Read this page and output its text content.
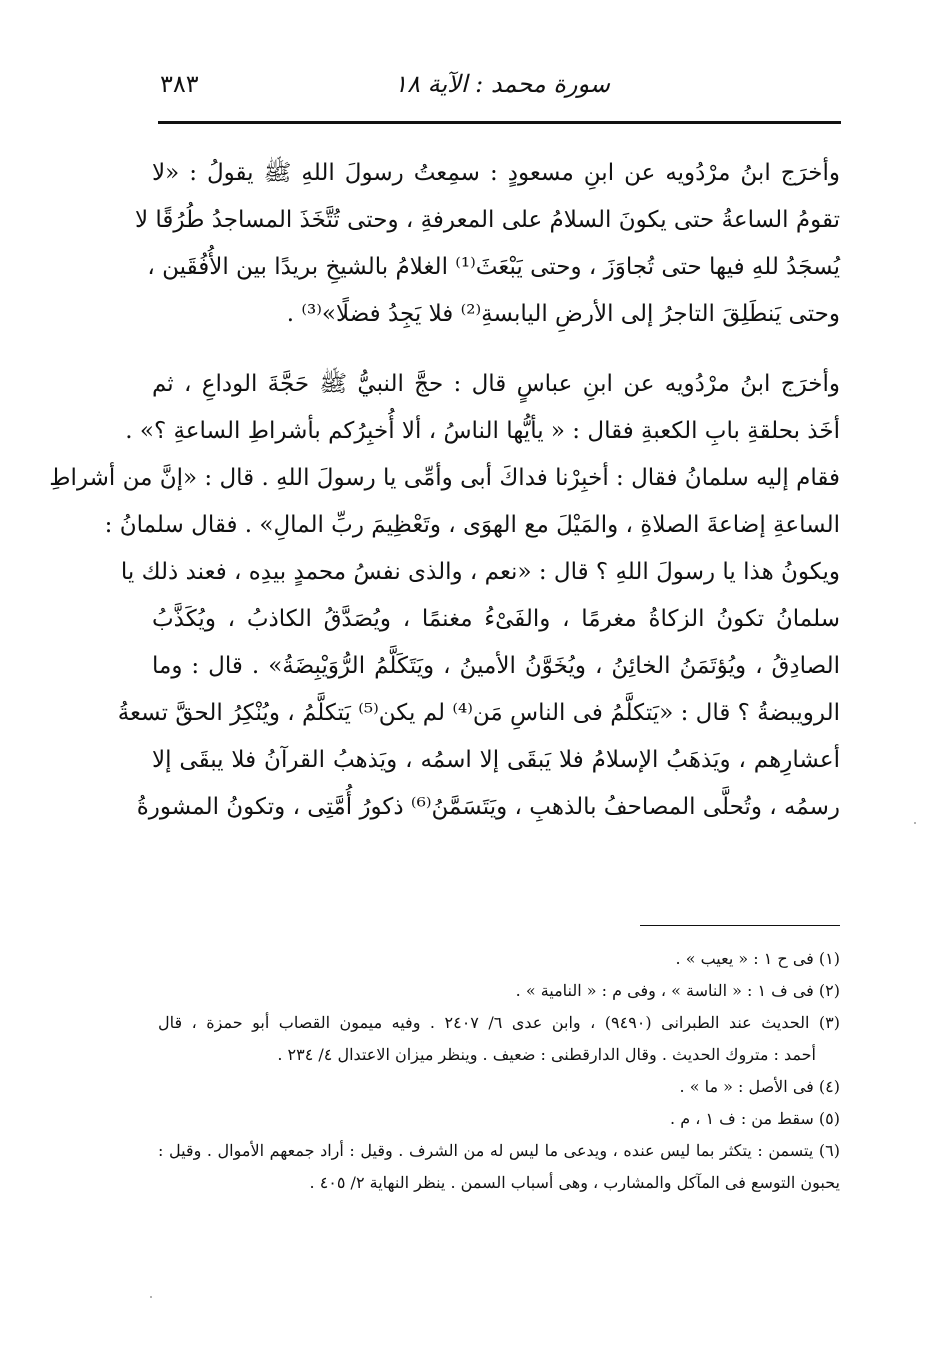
سورة محمد : الآية ١٨
٣٨٣
وأخرَج ابنُ مرْدُويه عن ابنِ مسعودٍ : سمِعتُ رسولَ اللهِ ﷺ يقولُ : «لا
تقومُ الساعةُ حتى يكونَ السلامُ على المعرفةِ ، وحتى تُتَّخَذَ المساجدُ طُرُقًا لا
يُسجَدُ للهِ فيها حتى تُجاوَزَ ، وحتى يَبْعَثَ⁽¹⁾ الغلامُ بالشيخِ بريدًا بين الأُفُقَين ،
وحتى يَنطَلِقَ التاجرُ إلى الأرضِ اليابسةِ⁽²⁾ فلا يَجِدُ فضلًا»⁽³⁾ .
وأخرَج ابنُ مرْدُويه عن ابنِ عباسٍ قال : حجَّ النبيُّ ﷺ حَجَّةَ الوداعِ ، ثم
أخَذ بحلقةِ بابِ الكعبةِ فقال : « يأيُّها الناسُ ، ألا أُخبِرُكم بأشراطِ الساعةِ ؟» .
فقام إليه سلمانُ فقال : أخبِرْنا فداكَ أبى وأمِّى يا رسولَ اللهِ . قال : «إنَّ من أشراطِ
الساعةِ إضاعةَ الصلاةِ ، والمَيْلَ مع الهوَى ، وتَعْظِيمَ ربِّ المالِ» . فقال سلمانُ :
ويكونُ هذا يا رسولَ اللهِ ؟ قال : «نعم ، والذى نفسُ محمدٍ بيدِه ، فعند ذلك يا
سلمانُ تكونُ الزكاةُ مغرمًا ، والفَىْءُ مغنمًا ، ويُصَدَّقُ الكاذبُ ، ويُكَذَّبُ
الصادِقُ ، ويُؤتَمَنُ الخائِنُ ، ويُخَوَّنُ الأمينُ ، ويَتَكَلَّمُ الرُّوَيْبِضَةُ» . قال : وما
الرويبضةُ ؟ قال : «يَتكلَّمُ فى الناسِ مَن⁽⁴⁾ لم يكن⁽⁵⁾ يَتكلَّمُ ، ويُنْكِرُ الحقَّ تسعةُ
أعشارِهم ، ويَذهَبُ الإسلامُ فلا يَبقَى إلا اسمُه ، ويَذهبُ القرآنُ فلا يبقَى إلا
رسمُه ، وتُحلَّى المصاحفُ بالذهبِ ، ويَتَسَمَّنُ⁽⁶⁾ ذكورُ أُمَّتِى ، وتكونُ المشورةُ
(١) فى ح ١ : « يعيب » .
(٢) فى ف ١ : « الناسة » ، وفى م : « النامية » .
(٣) الحديث عند الطبرانى (٩٤٩٠) ، وابن عدى ٦/ ٢٤٠٧ . وفيه ميمون القصاب أبو حمزة ، قال
أحمد : متروك الحديث . وقال الدارقطنى : ضعيف . وينظر ميزان الاعتدال ٤/ ٢٣٤ .
(٤) فى الأصل : « ما » .
(٥) سقط من : ف ١ ، م .
(٦) يتسمن : يتكثر بما ليس عنده ، ويدعى ما ليس له من الشرف . وقيل : أراد جمعهم الأموال . وقيل :
يحبون التوسع فى المآكل والمشارب ، وهى أسباب السمن . ينظر النهاية ٢/ ٤٠٥ .
